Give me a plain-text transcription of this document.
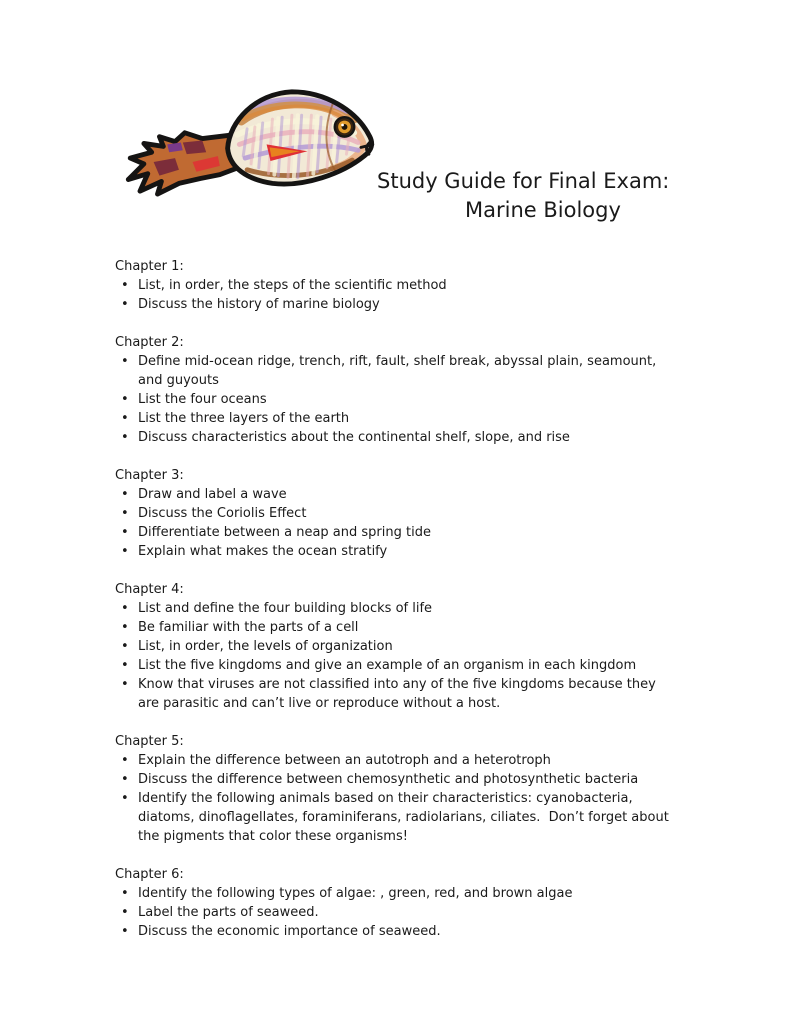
Study Guide for Final Exam:
Marine Biology
Chapter 1:
• List, in order, the steps of the scientific method
• Discuss the history of marine biology
Chapter 2:
• Define mid-ocean ridge, trench, rift, fault, shelf break, abyssal plain, seamount, and guyouts
• List the four oceans
• List the three layers of the earth
• Discuss characteristics about the continental shelf, slope, and rise
Chapter 3:
• Draw and label a wave
• Discuss the Coriolis Effect
• Differentiate between a neap and spring tide
• Explain what makes the ocean stratify
Chapter 4:
• List and define the four building blocks of life
• Be familiar with the parts of a cell
• List, in order, the levels of organization
• List the five kingdoms and give an example of an organism in each kingdom
• Know that viruses are not classified into any of the five kingdoms because they are parasitic and can’t live or reproduce without a host.
Chapter 5:
• Explain the difference between an autotroph and a heterotroph
• Discuss the difference between chemosynthetic and photosynthetic bacteria
• Identify the following animals based on their characteristics: cyanobacteria, diatoms, dinoflagellates, foraminiferans, radiolarians, ciliates.  Don’t forget about the pigments that color these organisms!
Chapter 6:
• Identify the following types of algae: , green, red, and brown algae
• Label the parts of seaweed.
• Discuss the economic importance of seaweed.
